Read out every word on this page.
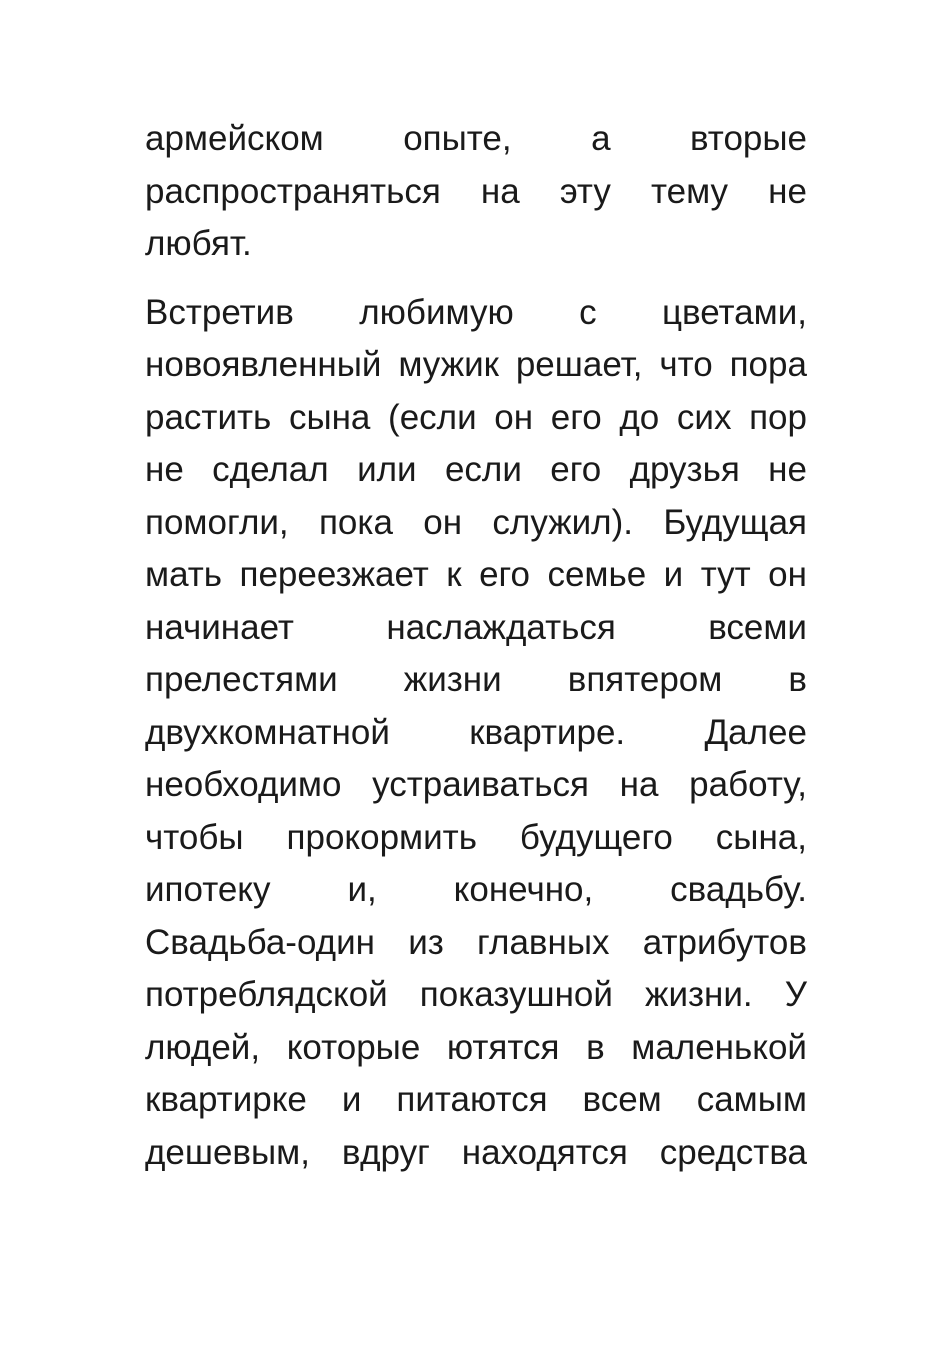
армейском опыте, а вторые
распространяться на эту тему не
любят.
Встретив любимую с цветами,
новоявленный мужик решает, что пора
растить сына (если он его до сих пор
не сделал или если его друзья не
помогли, пока он служил). Будущая
мать переезжает к его семье и тут он
начинает	наслаждаться	всеми
прелестями жизни впятером в
двухкомнатной квартире. Далее
необходимо устраиваться на работу,
чтобы прокормить будущего сына,
ипотеку и, конечно, свадьбу.
Свадьба-один из главных атрибутов
потреблядской показушной жизни. У
людей, которые ютятся в маленькой
квартирке и питаются всем самым
дешевым, вдруг находятся средства
